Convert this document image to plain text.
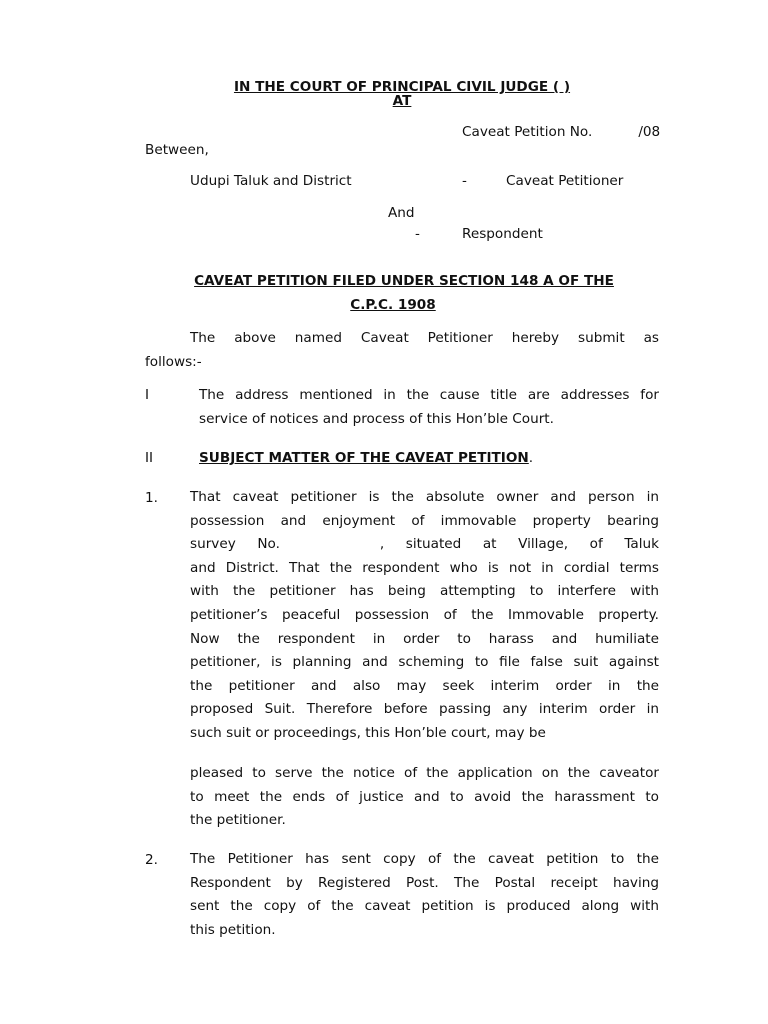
IN THE COURT OF PRINCIPAL CIVIL JUDGE ( )
AT
Caveat Petition No.	/08
Between,
Udupi Taluk and District	-	Caveat Petitioner
And
-	Respondent
CAVEAT PETITION FILED UNDER SECTION 148 A OF THE
C.P.C. 1908
The above named Caveat Petitioner hereby submit as
follows:-
I	The address mentioned in the cause title are addresses for
service of notices and process of this Hon’ble Court.
II	SUBJECT MATTER OF THE CAVEAT PETITION.
1. That caveat petitioner is the absolute owner and person in
possession and enjoyment of immovable property bearing
survey No.	, situated at Village, of Taluk
and District. That the respondent who is not in cordial terms
with the petitioner has being attempting to interfere with
petitioner’s peaceful possession of the Immovable property.
Now the respondent in order to harass and humiliate
petitioner, is planning and scheming to file false suit against
the petitioner and also may seek interim order in the
proposed Suit. Therefore before passing any interim order in
such suit or proceedings, this Hon’ble court, may be
pleased to serve the notice of the application on the caveator
to meet the ends of justice and to avoid the harassment to
the petitioner.
2. The Petitioner has sent copy of the caveat petition to the
Respondent by Registered Post. The Postal receipt having
sent the copy of the caveat petition is produced along with
this petition.
